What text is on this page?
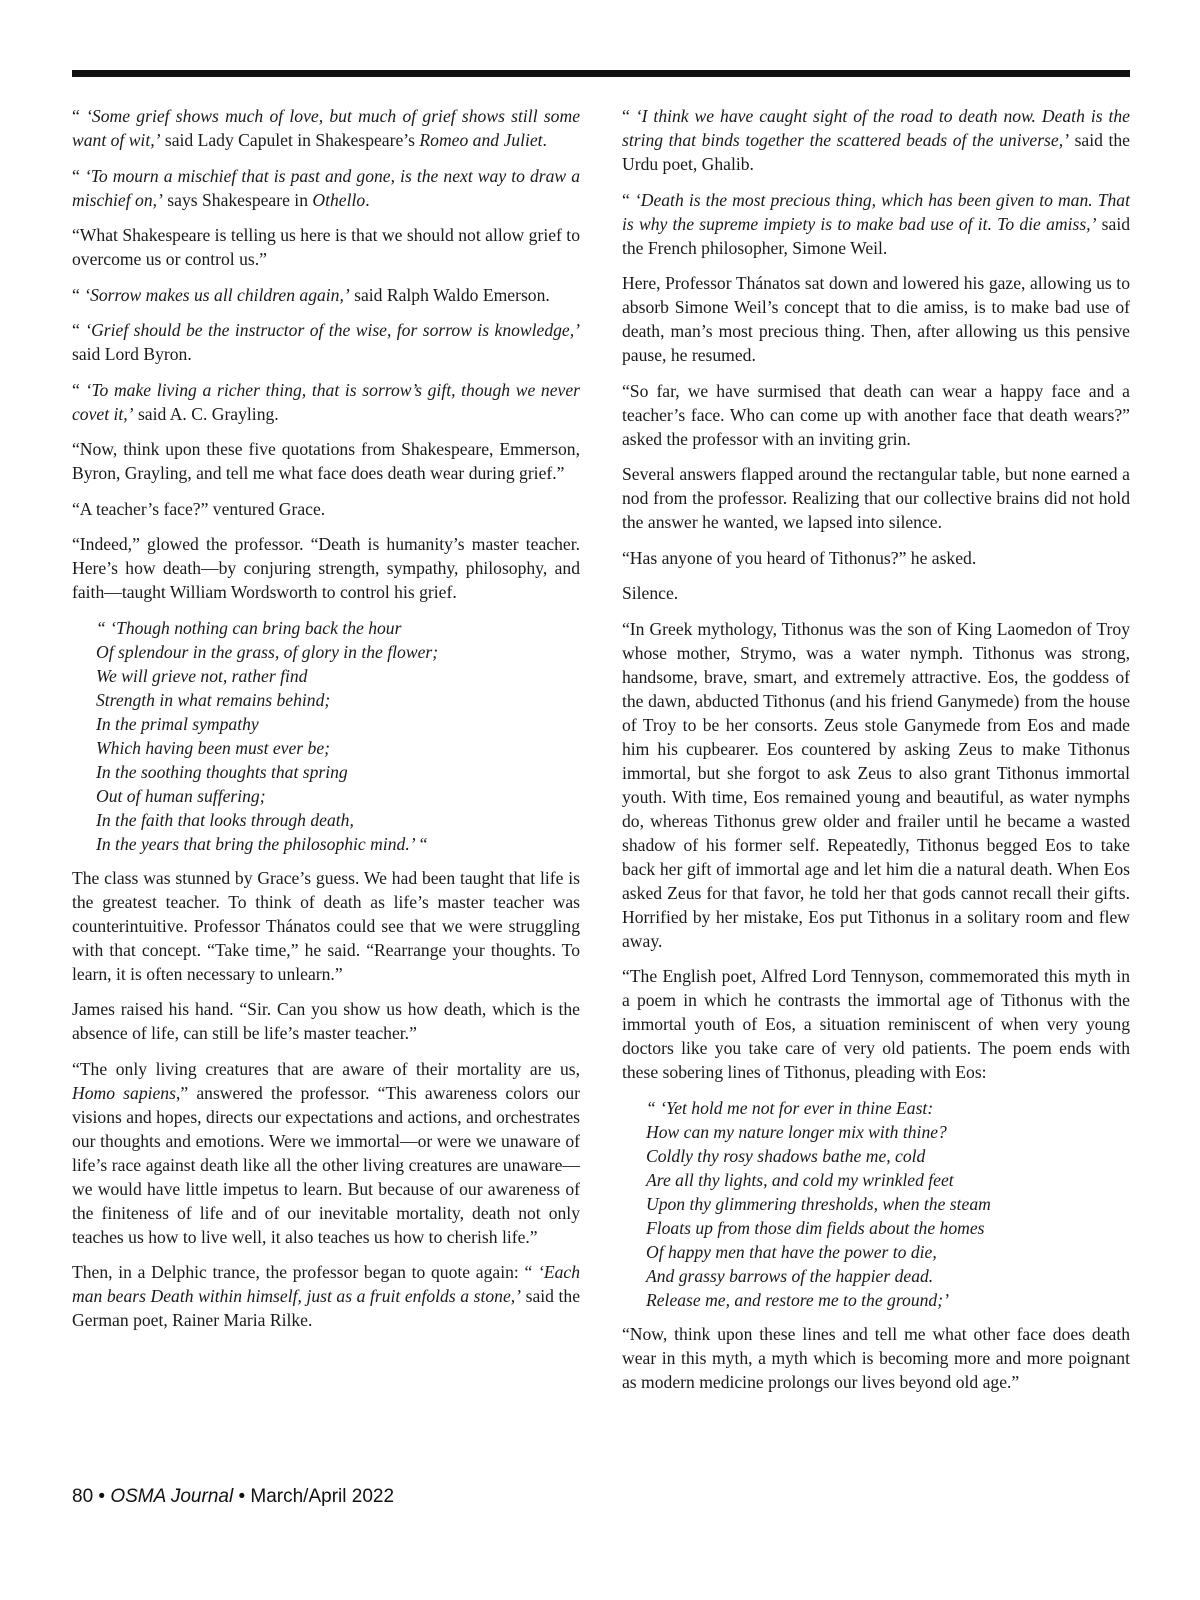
“ ‘Some grief shows much of love, but much of grief shows still some want of wit,’ said Lady Capulet in Shakespeare’s Romeo and Juliet.

“ ‘To mourn a mischief that is past and gone, is the next way to draw a mischief on,’ says Shakespeare in Othello.

“What Shakespeare is telling us here is that we should not allow grief to overcome us or control us.”

“ ‘Sorrow makes us all children again,’ said Ralph Waldo Emerson.

“ ‘Grief should be the instructor of the wise, for sorrow is knowledge,’ said Lord Byron.

“ ‘To make living a richer thing, that is sorrow’s gift, though we never covet it,’ said A. C. Grayling.

“Now, think upon these five quotations from Shakespeare, Emmerson, Byron, Grayling, and tell me what face does death wear during grief.”

“A teacher’s face?” ventured Grace.

“Indeed,” glowed the professor. “Death is humanity’s master teacher. Here’s how death—by conjuring strength, sympathy, philosophy, and faith—taught William Wordsworth to control his grief.

“ ‘Though nothing can bring back the hour
Of splendour in the grass, of glory in the flower;
We will grieve not, rather find
Strength in what remains behind;
In the primal sympathy
Which having been must ever be;
In the soothing thoughts that spring
Out of human suffering;
In the faith that looks through death,
In the years that bring the philosophic mind.’ “

The class was stunned by Grace’s guess. We had been taught that life is the greatest teacher. To think of death as life’s master teacher was counterintuitive. Professor Thánatos could see that we were struggling with that concept. “Take time,” he said. “Rearrange your thoughts. To learn, it is often necessary to unlearn.”

James raised his hand. “Sir. Can you show us how death, which is the absence of life, can still be life’s master teacher.”

“The only living creatures that are aware of their mortality are us, Homo sapiens,” answered the professor. “This awareness colors our visions and hopes, directs our expectations and actions, and orchestrates our thoughts and emotions. Were we immortal—or were we unaware of life’s race against death like all the other living creatures are unaware—we would have little impetus to learn. But because of our awareness of the finiteness of life and of our inevitable mortality, death not only teaches us how to live well, it also teaches us how to cherish life.”

Then, in a Delphic trance, the professor began to quote again: “ ‘Each man bears Death within himself, just as a fruit enfolds a stone,’ said the German poet, Rainer Maria Rilke.

“ ‘I think we have caught sight of the road to death now. Death is the string that binds together the scattered beads of the universe,’ said the Urdu poet, Ghalib.

“ ‘Death is the most precious thing, which has been given to man. That is why the supreme impiety is to make bad use of it. To die amiss,’ said the French philosopher, Simone Weil.

Here, Professor Thánatos sat down and lowered his gaze, allowing us to absorb Simone Weil’s concept that to die amiss, is to make bad use of death, man’s most precious thing. Then, after allowing us this pensive pause, he resumed.

“So far, we have surmised that death can wear a happy face and a teacher’s face. Who can come up with another face that death wears?” asked the professor with an inviting grin.

Several answers flapped around the rectangular table, but none earned a nod from the professor. Realizing that our collective brains did not hold the answer he wanted, we lapsed into silence.

“Has anyone of you heard of Tithonus?” he asked.

Silence.

“In Greek mythology, Tithonus was the son of King Laomedon of Troy whose mother, Strymo, was a water nymph. Tithonus was strong, handsome, brave, smart, and extremely attractive. Eos, the goddess of the dawn, abducted Tithonus (and his friend Ganymede) from the house of Troy to be her consorts. Zeus stole Ganymede from Eos and made him his cupbearer. Eos countered by asking Zeus to make Tithonus immortal, but she forgot to ask Zeus to also grant Tithonus immortal youth. With time, Eos remained young and beautiful, as water nymphs do, whereas Tithonus grew older and frailer until he became a wasted shadow of his former self. Repeatedly, Tithonus begged Eos to take back her gift of immortal age and let him die a natural death. When Eos asked Zeus for that favor, he told her that gods cannot recall their gifts. Horrified by her mistake, Eos put Tithonus in a solitary room and flew away.

“The English poet, Alfred Lord Tennyson, commemorated this myth in a poem in which he contrasts the immortal age of Tithonus with the immortal youth of Eos, a situation reminiscent of when very young doctors like you take care of very old patients. The poem ends with these sobering lines of Tithonus, pleading with Eos:

“ ‘Yet hold me not for ever in thine East:
How can my nature longer mix with thine?
Coldly thy rosy shadows bathe me, cold
Are all thy lights, and cold my wrinkled feet
Upon thy glimmering thresholds, when the steam
Floats up from those dim fields about the homes
Of happy men that have the power to die,
And grassy barrows of the happier dead.
Release me, and restore me to the ground;’

“Now, think upon these lines and tell me what other face does death wear in this myth, a myth which is becoming more and more poignant as modern medicine prolongs our lives beyond old age.”

80 • OSMA Journal • March/April 2022
